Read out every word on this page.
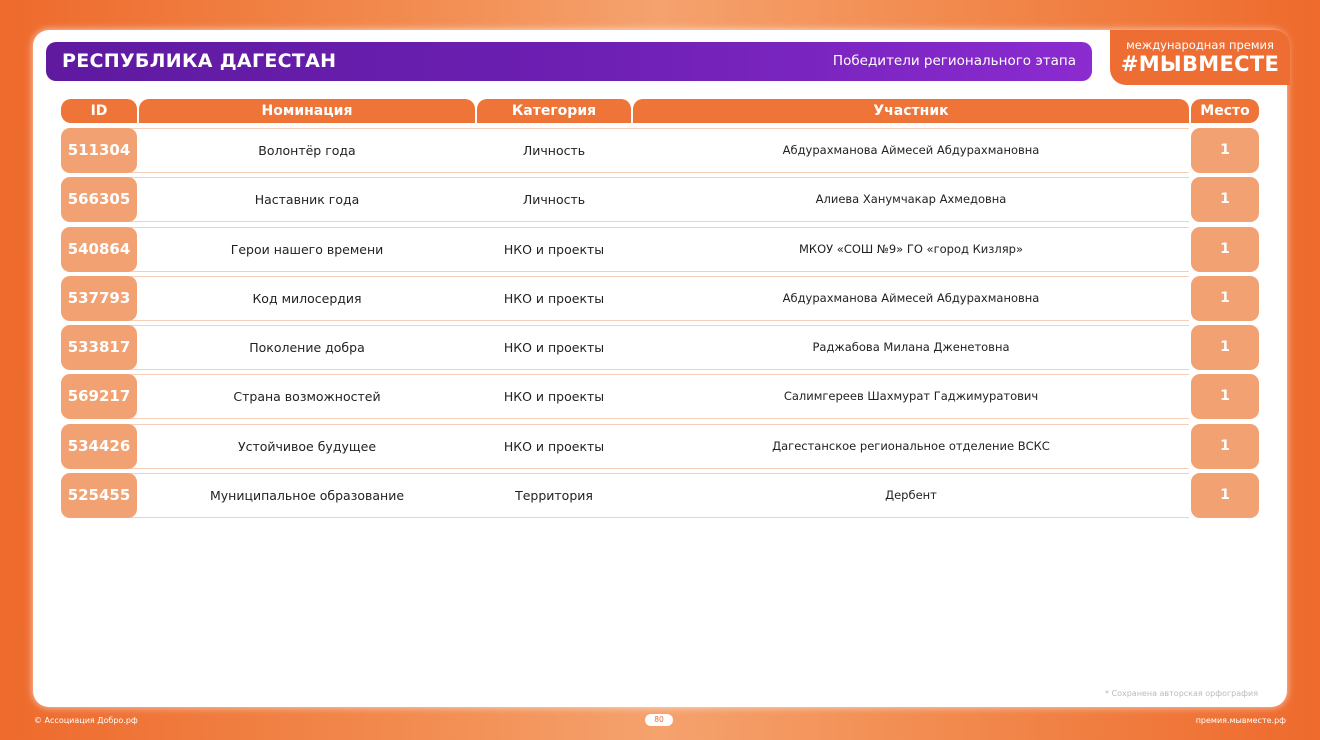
РЕСПУБЛИКА ДАГЕСТАН	Победители регионального этапа
международная премия
#МЫВМЕСТЕ
ID	Номинация	Категория	Участник	Место
511304	Волонтёр года	Личность	Абдурахманова Аймесей Абдурахмановна	1
566305	Наставник года	Личность	Алиева Ханумчакар Ахмедовна	1
540864	Герои нашего времени	НКО и проекты	МКОУ «СОШ №9» ГО «город Кизляр»	1
537793	Код милосердия	НКО и проекты	Абдурахманова Аймесей Абдурахмановна	1
533817	Поколение добра	НКО и проекты	Раджабова Милана Дженетовна	1
569217	Страна возможностей	НКО и проекты	Салимгереев Шахмурат Гаджимуратович	1
534426	Устойчивое будущее	НКО и проекты	Дагестанское региональное отделение ВСКС	1
525455	Муниципальное образование	Территория	Дербент	1
* Сохранена авторская орфография
© Ассоциация Добро.рф	80	премия.мывместе.рф
